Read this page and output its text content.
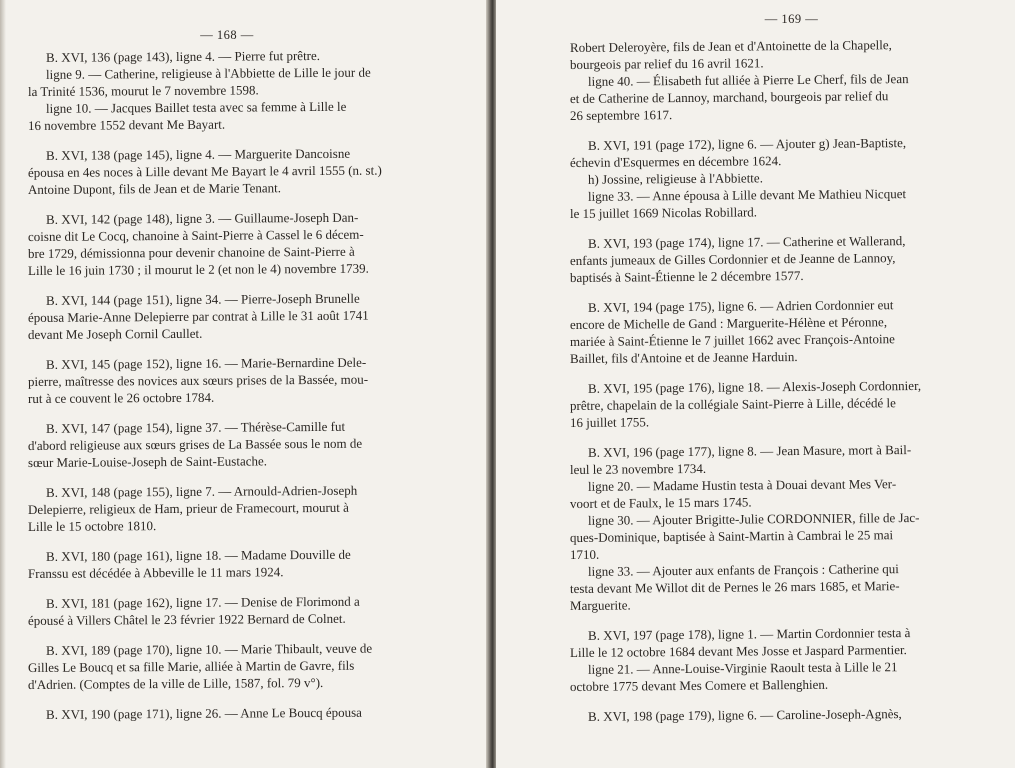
— 168 —
B. XVI, 136 (page 143), ligne 4. — Pierre fut prêtre.
ligne 9. — Catherine, religieuse à l'Abbiette de Lille le jour de
la Trinité 1536, mourut le 7 novembre 1598.
ligne 10. — Jacques Baillet testa avec sa femme à Lille le
16 novembre 1552 devant Me Bayart.
B. XVI, 138 (page 145), ligne 4. — Marguerite Dancoisne
épousa en 4es noces à Lille devant Me Bayart le 4 avril 1555 (n. st.)
Antoine Dupont, fils de Jean et de Marie Tenant.
B. XVI, 142 (page 148), ligne 3. — Guillaume-Joseph Dan-
coisne dit Le Cocq, chanoine à Saint-Pierre à Cassel le 6 décem-
bre 1729, démissionna pour devenir chanoine de Saint-Pierre à
Lille le 16 juin 1730 ; il mourut le 2 (et non le 4) novembre 1739.
B. XVI, 144 (page 151), ligne 34. — Pierre-Joseph Brunelle
épousa Marie-Anne Delepierre par contrat à Lille le 31 août 1741
devant Me Joseph Cornil Caullet.
B. XVI, 145 (page 152), ligne 16. — Marie-Bernardine Dele-
pierre, maîtresse des novices aux sœurs prises de la Bassée, mou-
rut à ce couvent le 26 octobre 1784.
B. XVI, 147 (page 154), ligne 37. — Thérèse-Camille fut
d'abord religieuse aux sœurs grises de La Bassée sous le nom de
sœur Marie-Louise-Joseph de Saint-Eustache.
B. XVI, 148 (page 155), ligne 7. — Arnould-Adrien-Joseph
Delepierre, religieux de Ham, prieur de Framecourt, mourut à
Lille le 15 octobre 1810.
B. XVI, 180 (page 161), ligne 18. — Madame Douville de
Franssu est décédée à Abbeville le 11 mars 1924.
B. XVI, 181 (page 162), ligne 17. — Denise de Florimond a
épousé à Villers Châtel le 23 février 1922 Bernard de Colnet.
B. XVI, 189 (page 170), ligne 10. — Marie Thibault, veuve de
Gilles Le Boucq et sa fille Marie, alliée à Martin de Gavre, fils
d'Adrien. (Comptes de la ville de Lille, 1587, fol. 79 v°).
B. XVI, 190 (page 171), ligne 26. — Anne Le Boucq épousa
— 169 —
Robert Deleroyère, fils de Jean et d'Antoinette de la Chapelle,
bourgeois par relief du 16 avril 1621.
ligne 40. — Élisabeth fut alliée à Pierre Le Cherf, fils de Jean
et de Catherine de Lannoy, marchand, bourgeois par relief du
26 septembre 1617.
B. XVI, 191 (page 172), ligne 6. — Ajouter g) Jean-Baptiste,
échevin d'Esquermes en décembre 1624.
h) Jossine, religieuse à l'Abbiette.
ligne 33. — Anne épousa à Lille devant Me Mathieu Nicquet
le 15 juillet 1669 Nicolas Robillard.
B. XVI, 193 (page 174), ligne 17. — Catherine et Wallerand,
enfants jumeaux de Gilles Cordonnier et de Jeanne de Lannoy,
baptisés à Saint-Étienne le 2 décembre 1577.
B. XVI, 194 (page 175), ligne 6. — Adrien Cordonnier eut
encore de Michelle de Gand : Marguerite-Hélène et Péronne,
mariée à Saint-Étienne le 7 juillet 1662 avec François-Antoine
Baillet, fils d'Antoine et de Jeanne Harduin.
B. XVI, 195 (page 176), ligne 18. — Alexis-Joseph Cordonnier,
prêtre, chapelain de la collégiale Saint-Pierre à Lille, décédé le
16 juillet 1755.
B. XVI, 196 (page 177), ligne 8. — Jean Masure, mort à Bail-
leul le 23 novembre 1734.
ligne 20. — Madame Hustin testa à Douai devant Mes Ver-
voort et de Faulx, le 15 mars 1745.
ligne 30. — Ajouter Brigitte-Julie CORDONNIER, fille de Jac-
ques-Dominique, baptisée à Saint-Martin à Cambrai le 25 mai
1710.
ligne 33. — Ajouter aux enfants de François : Catherine qui
testa devant Me Willot dit de Pernes le 26 mars 1685, et Marie-
Marguerite.
B. XVI, 197 (page 178), ligne 1. — Martin Cordonnier testa à
Lille le 12 octobre 1684 devant Mes Josse et Jaspard Parmentier.
ligne 21. — Anne-Louise-Virginie Raoult testa à Lille le 21
octobre 1775 devant Mes Comere et Ballenghien.
B. XVI, 198 (page 179), ligne 6. — Caroline-Joseph-Agnès,
